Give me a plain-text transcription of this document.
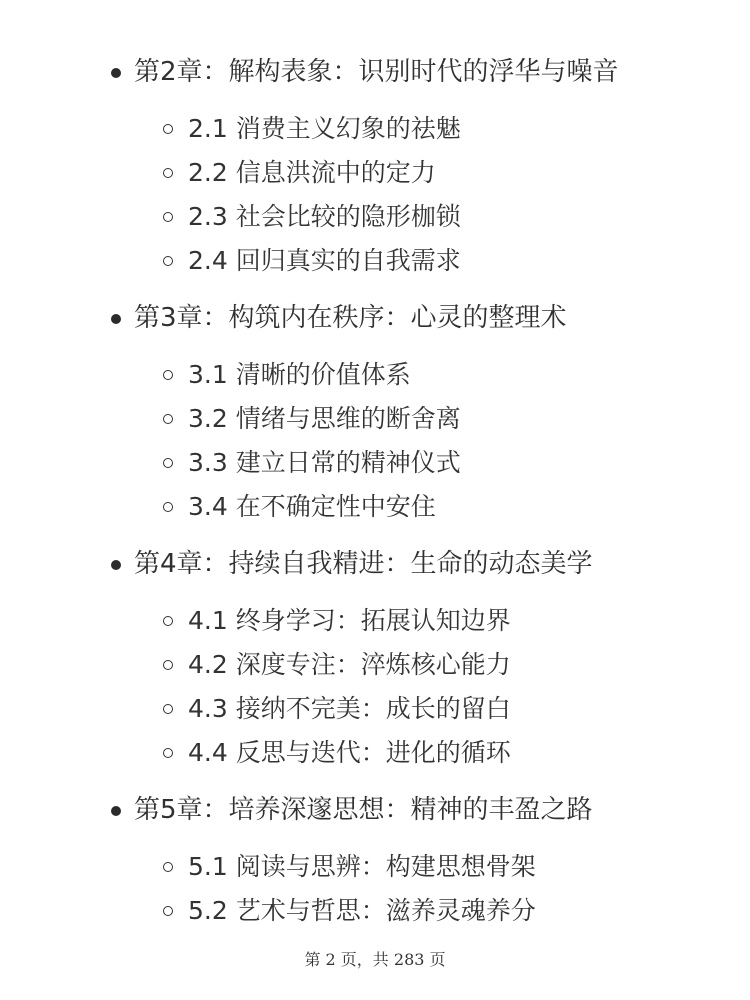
第2章：解构表象：识别时代的浮华与噪音
2.1 消费主义幻象的祛魅
2.2 信息洪流中的定力
2.3 社会比较的隐形枷锁
2.4 回归真实的自我需求
第3章：构筑内在秩序：心灵的整理术
3.1 清晰的价值体系
3.2 情绪与思维的断舍离
3.3 建立日常的精神仪式
3.4 在不确定性中安住
第4章：持续自我精进：生命的动态美学
4.1 终身学习：拓展认知边界
4.2 深度专注：淬炼核心能力
4.3 接纳不完美：成长的留白
4.4 反思与迭代：进化的循环
第5章：培养深邃思想：精神的丰盈之路
5.1 阅读与思辨：构建思想骨架
5.2 艺术与哲思：滋养灵魂养分
第 2 页，共 283 页
